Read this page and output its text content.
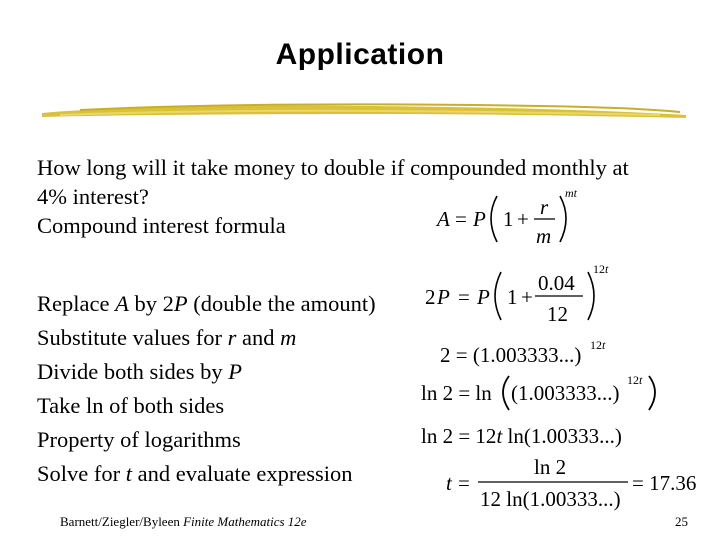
Application
How long will it take money to double if compounded monthly at
4% interest?
Compound interest formula	A = P 1 + r
m
mt
2 P = P 1 +
0.04
12
12t
2 = (1.003333...) 12t
ln 2 = ln (1.003333...)
12t
ln 2 = 12t ln(1.00333...)
t =
ln 2
12 ln(1.00333...)
= 17.36
Replace A by 2P (double the amount)
Substitute values for r and m
Divide both sides by P
Take ln of both sides
Property of logarithms
Solve for t and evaluate expression
Barnett/Ziegler/Byleen Finite Mathematics 12e	25
